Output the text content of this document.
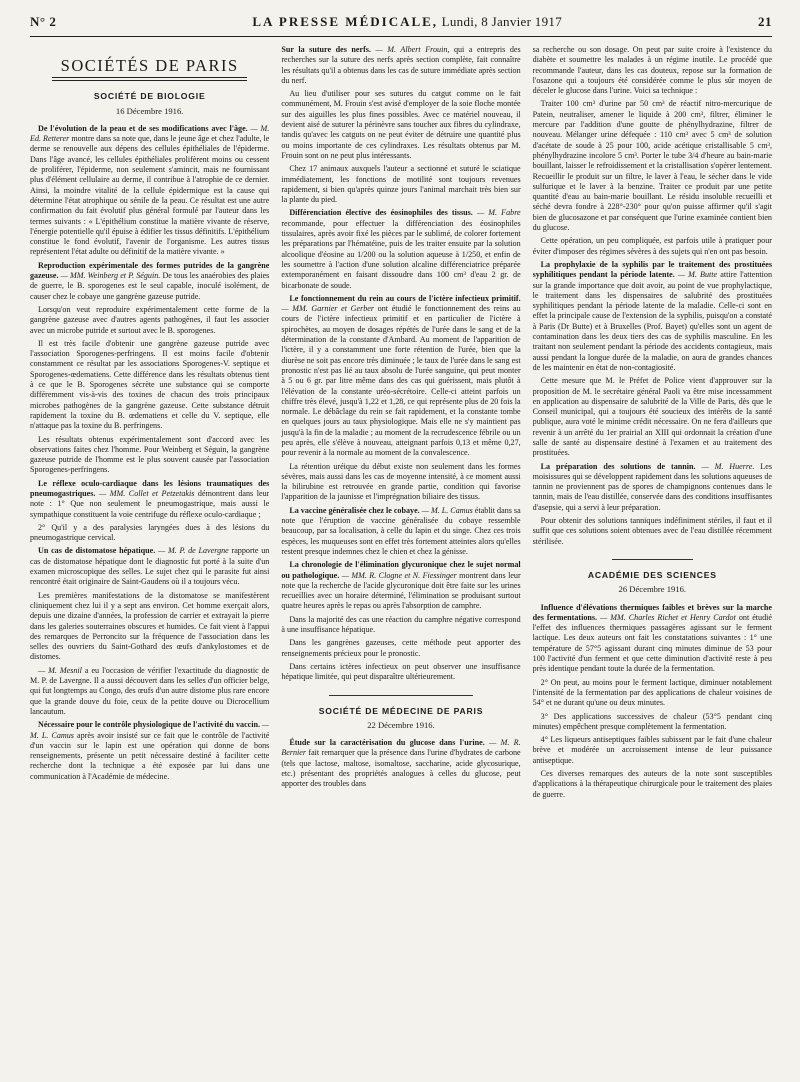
N° 2	LA PRESSE MÉDICALE, Lundi, 8 Janvier 1917	21
SOCIÉTÉS DE PARIS
SOCIÉTÉ DE BIOLOGIE
16 Décembre 1916.

De l'évolution de la peau et de ses modifications avec l'âge. — M. Ed. Retterer montre dans sa note que, dans le jeune âge et chez l'adulte, le derme se renouvelle aux dépens des cellules épithéliales de l'épiderme. Dans l'âge avancé, les cellules épithéliales prolifèrent moins ou cessent de proliférer, l'épiderme, non seulement s'amincit, mais ne fournissant plus d'élément cellulaire au derme, il contribue à l'atrophie de ce dernier. Ainsi, la moindre vitalité de la cellule épidermique est la cause qui détermine l'état atrophique ou sénile de la peau. Ce résultat est une autre confirmation du fait évolutif plus général formulé par l'auteur dans les termes suivants : « L'épithélium constitue la matière vivante de réserve, l'énergie potentielle qu'il épuise à édifier les tissus définitifs. L'épithélium constitue le fond évolutif, l'avenir de l'organisme. Les autres tissus représentent l'état adulte ou définitif de la matière vivante. »

Reproduction expérimentale des formes putrides de la gangrène gazeuse. — MM. Weinberg et P. Séguin. De tous les anaérobies des plaies de guerre, le B. sporogenes est le seul capable, inoculé isolément, de causer chez le cobaye une gangrène gazeuse putride.

Lorsqu'on veut reproduire expérimentalement cette forme de la gangrène gazeuse avec d'autres agents pathogènes, il faut les associer avec un microbe putride et surtout avec le B. sporogenes.

Il est très facile d'obtenir une gangrène gazeuse putride avec l'association Sporogenes-perfringens. Il est moins facile d'obtenir constamment ce résultat par les associations Sporogenes-V. septique et Sporogenes-œdematiens. Cette différence dans les résultats obtenus tient à ce que le B. Sporogenes sécrète une substance qui se comporte différemment vis-à-vis des toxines de chacun des trois principaux microbes pathogènes de la gangrène gazeuse. Cette substance détruit rapidement la toxine du B. œdematiens et celle du V. septique, elle n'attaque pas la toxine du B. perfringens.

Les résultats obtenus expérimentalement sont d'accord avec les observations faites chez l'homme. Pour Weinberg et Séguin, la gangrène gazeuse putride de l'homme est le plus souvent causée par l'association Sporogenes-perfringens.

Le réflexe oculo-cardiaque dans les lésions traumatiques des pneumogastriques. — MM. Collet et Petzetakis démontrent dans leur note : 1° Que non seulement le pneumogastrique, mais aussi le sympathique constituent la voie centrifuge du réflexe oculo-cardiaque ;

2° Qu'il y a des paralysies laryngées dues à des lésions du pneumogastrique cervical.

Un cas de distomatose hépatique. — M. P. de Lavergne rapporte un cas de distomatose hépatique dont le diagnostic fut porté à la suite d'un examen microscopique des selles. Le sujet chez qui le parasite fut ainsi rencontré était originaire de Saint-Gaudens où il a toujours vécu.

Les premières manifestations de la distomatose se manifestèrent cliniquement chez lui il y a sept ans environ. Cet homme exerçait alors, depuis une dizaine d'années, la profession de carrier et extrayait la pierre dans les galeries souterraines obscures et humides. Ce fait vient à l'appui des remarques de Perroncito sur la fréquence de l'association dans les selles des ouvriers du Saint-Gothard des œufs d'ankylostomes et de distomes.

— M. Mesnil a eu l'occasion de vérifier l'exactitude du diagnostic de M. P. de Lavergne. Il a aussi découvert dans les selles d'un officier belge, qui fut longtemps au Congo, des œufs d'un autre distome plus rare encore que la grande douve du foie, ceux de la petite douve ou Dicrocellium lancautum.

Nécessaire pour le contrôle physiologique de l'activité du vaccin. — M. L. Camus après avoir insisté sur ce fait que le contrôle de l'activité d'un vaccin sur le lapin est une opération qui donne de bons renseignements, présente un petit nécessaire destiné à faciliter cette recherche dont la technique a été exposée par lui dans une communication à l'Académie de médecine.

Sur la suture des nerfs. — M. Albert Frouin, qui a entrepris des recherches sur la suture des nerfs après section complète, fait connaître les résultats qu'il a obtenus dans les cas de suture immédiate après section du nerf.

Au lieu d'utiliser pour ses sutures du catgut comme on le fait communément, M. Frouin s'est avisé d'employer de la soie floche montée sur des aiguilles les plus fines possibles. Avec ce matériel nouveau, il devient aisé de suturer la périnèvre sans toucher aux fibres du cylindraxe, tandis qu'avec les catguts on ne peut éviter de détruire une quantité plus ou moins importante de ces cylindraxes. Les résultats obtenus par M. Frouin sont on ne peut plus intéressants.

Chez 17 animaux auxquels l'auteur a sectionné et suturé le sciatique immédiatement, les fonctions de motilité sont toujours revenues rapidement, si bien qu'après quinze jours l'animal marchait très bien sur la plante du pied.

Différenciation élective des éosinophiles des tissus. — M. Fabre recommande, pour effectuer la différenciation des éosinophiles tissulaires, après avoir fixé les pièces par le sublimé, de colorer fortement les préparations par l'hématéine, puis de les traiter ensuite par la solution alcoolique d'éosine au 1/200 ou la solution aqueuse à 1/250, et enfin de les soumettre à l'action d'une solution alcaline différenciatrice préparée extemporanément en faisant dissoudre dans 100 cm³ d'eau 2 gr. de bicarbonate de soude.

Le fonctionnement du rein au cours de l'ictère infectieux primitif. — MM. Garnier et Gerber ont étudié le fonctionnement des reins au cours de l'ictère infectieux primitif et en particulier de l'ictère à spirochètes, au moyen de dosages répétés de l'urée dans le sang et de la détermination de la constante d'Ambard. Au moment de l'apparition de l'ictère, il y a constamment une forte rétention de l'urée, bien que la diurèse ne soit pas encore très diminuée ; le taux de l'urée dans le sang est pronostic n'est pas lié au taux absolu de l'urée sanguine, qui peut monter à 5 ou 6 gr. par litre même dans des cas qui guérissent, mais plutôt à l'élévation de la constante uréo-sécrétoire. Celle-ci atteint parfois un chiffre très élevé, jusqu'à 1,22 et 1,28, ce qui représente plus de 20 fois la normale. Le débâclage du rein se fait rapidement, et la constante tombe en quelques jours au taux physiologique. Mais elle ne s'y maintient pas jusqu'à la fin de la maladie ; au moment de la recrudescence fébrile ou un peu après, elle s'élève à nouveau, atteignant parfois 0,13 et même 0,27, pour revenir à la normale au moment de la convalescence.

La rétention uréique du début existe non seulement dans les formes sévères, mais aussi dans les cas de moyenne intensité, à ce moment aussi la bilirubine est retrouvée en grande partie, condition qui favorise l'apparition de la jaunisse et l'imprégnation biliaire des tissus.

La vaccine généralisée chez le cobaye. — M. L. Camus établit dans sa note que l'éruption de vaccine généralisée du cobaye ressemble beaucoup, par sa localisation, à celle du lapin et du singe. Chez ces trois espèces, les muqueuses sont en effet très fortement atteintes alors qu'elles restent presque indemnes chez le chien et chez la génisse.

La chronologie de l'élimination glycuronique chez le sujet normal ou pathologique. — MM. R. Clogne et N. Fiessinger montrent dans leur note que la recherche de l'acide glycuronique doit être faite sur les urines recueillies avec un horaire déterminé, l'élimination se produisant surtout quatre heures après le repas ou après l'absorption de camphre.

Dans la majorité des cas une réaction du camphre négative correspond à une insuffisance hépatique.

Dans les gangrènes gazeuses, cette méthode peut apporter des renseignements précieux pour le pronostic.

Dans certains ictères infectieux on peut observer une insuffisance hépatique limitée, qui peut disparaître ultérieurement.

SOCIÉTÉ DE MÉDECINE DE PARIS
22 Décembre 1916.

Étude sur la caractérisation du glucose dans l'urine. — M. R. Bernier fait remarquer que la présence dans l'urine d'hydrates de carbone (tels que lactose, maltose, isomaltose, saccharine, acide glycosurique, etc.) présentant des propriétés analogues à celles du glucose, peut apporter des troubles dans

sa recherche ou son dosage. On peut par suite croire à l'existence du diabète et soumettre les malades à un régime inutile. Le procédé que recommande l'auteur, dans les cas douteux, repose sur la formation de l'osazone qui a toujours été considérée comme le plus sûr moyen de déceler le glucose dans l'urine. Voici sa technique :

Traiter 100 cm³ d'urine par 50 cm³ de réactif nitro-mercurique de Patein, neutraliser, amener le liquide à 200 cm³, filtrer, éliminer le mercure par l'addition d'une goutte de phénylhydrazine, filtrer de nouveau. Mélanger urine défequée : 110 cm³ avec 5 cm³ de solution d'acétate de soude à 25 pour 100, acide acétique cristallisable 5 cm³, phénylhydrazine incolore 5 cm³. Porter le tube 3/4 d'heure au bain-marie bouillant, laisser le refroidissement et la cristallisation s'opérer lentement. Recueillir le produit sur un filtre, le laver à l'eau, le sécher dans le vide sulfurique et le laver à la benzine. Traiter ce produit par une petite quantité d'eau au bain-marie bouillant. Le résidu insoluble recueilli et séché devra fondre à 228°-230° pour qu'on puisse affirmer qu'il s'agit bien de glucosazone et par conséquent que l'urine examinée contient bien du glucose.

Cette opération, un peu compliquée, est parfois utile à pratiquer pour éviter d'imposer des régimes sévères à des sujets qui n'en ont pas besoin.

La prophylaxie de la syphilis par le traitement des prostituées syphilitiques pendant la période latente. — M. Butte attire l'attention sur la grande importance que doit avoir, au point de vue prophylactique, le traitement dans les dispensaires de salubrité des prostituées syphilitiques pendant la période latente de la maladie. Celle-ci sont en effet la principale cause de l'extension de la syphilis, puisqu'on a constaté à Paris (Dr Butte) et à Bruxelles (Prof. Bayet) qu'elles sont un agent de contamination dans les deux tiers des cas de syphilis masculine. En les traitant non seulement pendant la période des accidents contagieux, mais aussi pendant la longue durée de la maladie, on aura de grandes chances de les maintenir en état de non-contagiosité.

Cette mesure que M. le Préfet de Police vient d'approuver sur la proposition de M. le secrétaire général Paoli va être mise incessamment en application au dispensaire de salubrité de la Ville de Paris, dès que le Conseil municipal, qui a toujours été soucieux des intérêts de la santé publique, aura voté le minime crédit nécessaire. On ne fera d'ailleurs que revenir à un arrêté du 1er prairial an XIII qui ordonnait la création d'une salle de santé au dispensaire destiné à l'examen et au traitement des prostituées.

La préparation des solutions de tannin. — M. Huerre. Les moisissures qui se développent rapidement dans les solutions aqueuses de tannin ne proviennent pas de spores de champignons contenues dans le tannin, mais de l'eau distillée, conservée dans des conditions insuffisantes d'asepsie, qui a servi à leur préparation.

Pour obtenir des solutions tanniques indéfiniment stériles, il faut et il suffit que ces solutions soient obtenues avec de l'eau distillée récemment stérilisée.

ACADÉMIE DES SCIENCES
26 Décembre 1916.

Influence d'élévations thermiques faibles et brèves sur la marche des fermentations. — MM. Charles Richet et Henry Cardot ont étudié l'effet des influences thermiques passagères agissant sur le ferment lactique. Les deux auteurs ont fait les constatations suivantes : 1° une température de 57°5 agissant durant cinq minutes diminue de 53 pour 100 l'activité d'un ferment et que cette diminution d'activité reste à peu près identique pendant toute la durée de la fermentation.

2° On peut, au moins pour le ferment lactique, diminuer notablement l'intensité de la fermentation par des applications de chaleur voisines de 54° et ne durant qu'une ou deux minutes.

3° Des applications successives de chaleur (53°5 pendant cinq minutes) empêchent presque complètement la fermentation.

4° Les liqueurs antiseptiques faibles subissent par le fait d'une chaleur brève et modérée un accroissement intense de leur puissance antiseptique.

Ces diverses remarques des auteurs de la note sont susceptibles d'applications à la thérapeutique chirurgicale pour le traitement des plaies de guerre.
